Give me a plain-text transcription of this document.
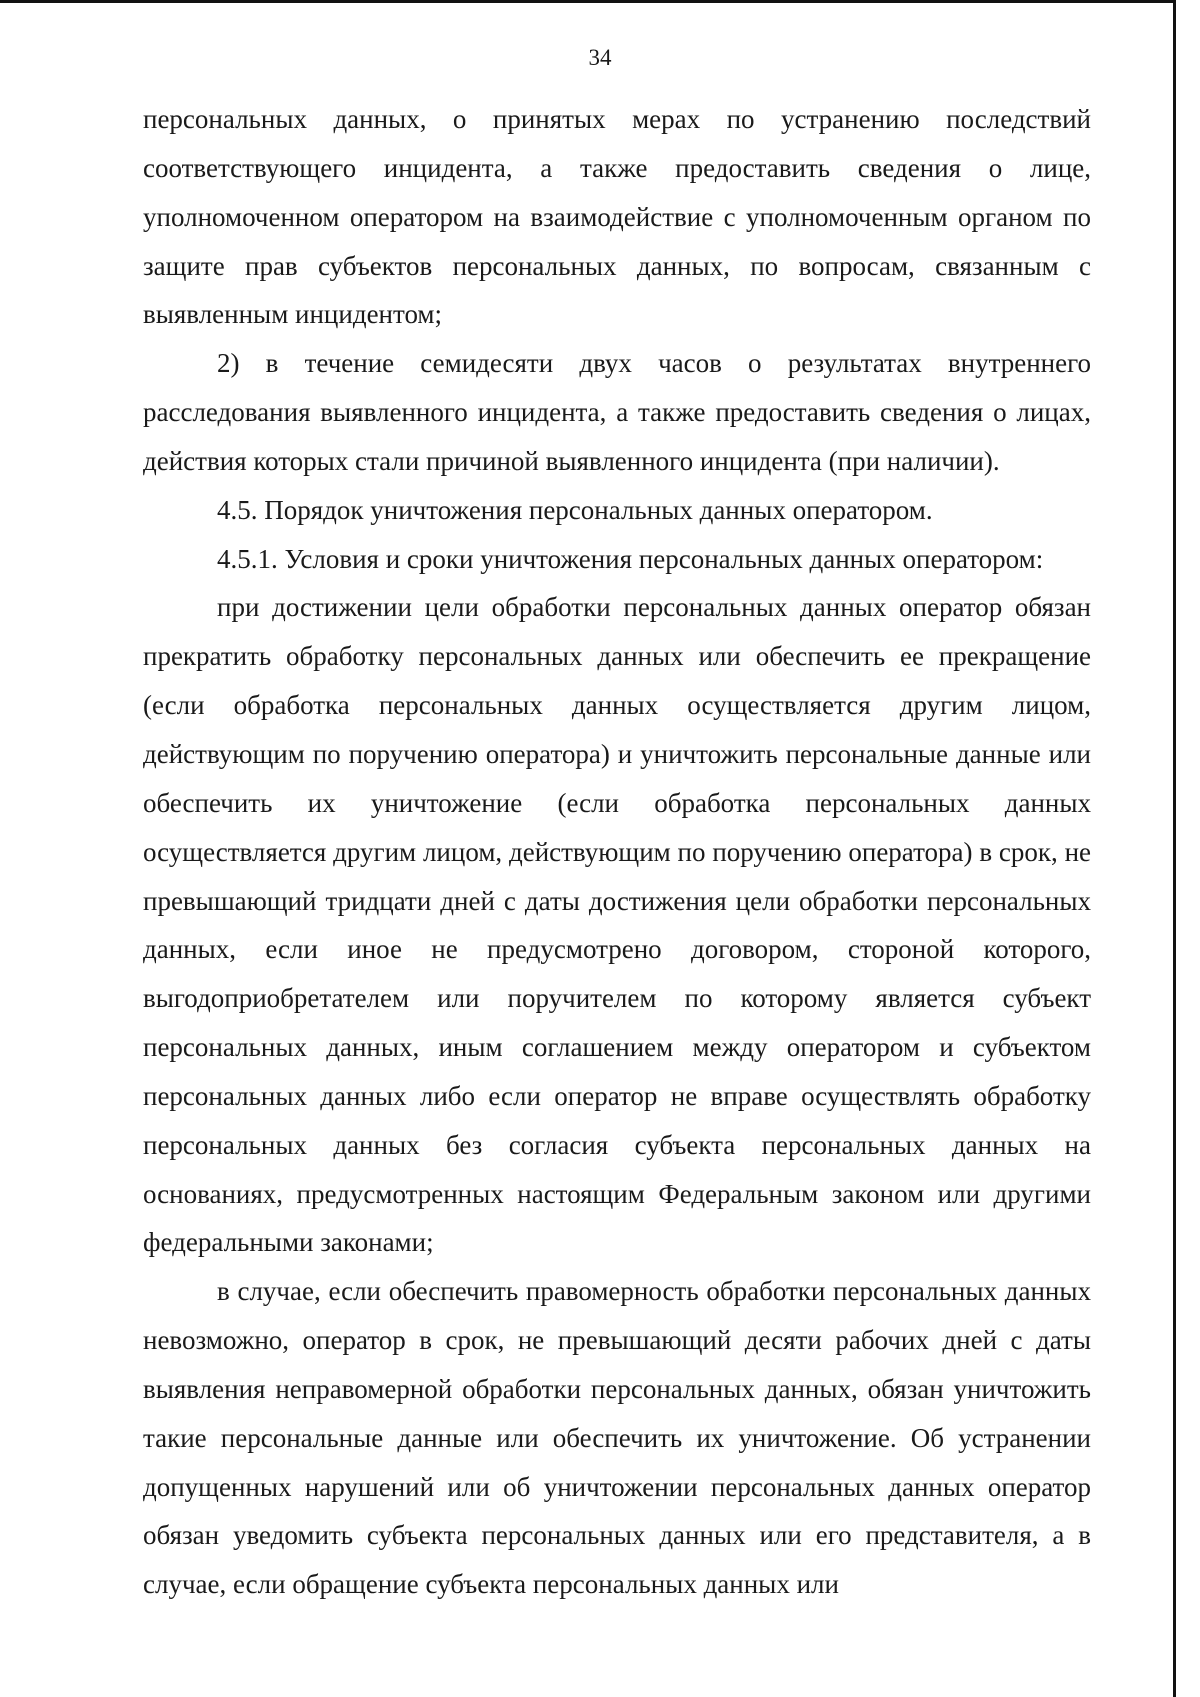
34

персональных данных, о принятых мерах по устранению последствий соответствующего инцидента, а также предоставить сведения о лице, уполномоченном оператором на взаимодействие с уполномоченным органом по защите прав субъектов персональных данных, по вопросам, связанным с выявленным инцидентом;

2) в течение семидесяти двух часов о результатах внутреннего расследования выявленного инцидента, а также предоставить сведения о лицах, действия которых стали причиной выявленного инцидента (при наличии).

4.5. Порядок уничтожения персональных данных оператором.

4.5.1. Условия и сроки уничтожения персональных данных оператором:

при достижении цели обработки персональных данных оператор обязан прекратить обработку персональных данных или обеспечить ее прекращение (если обработка персональных данных осуществляется другим лицом, действующим по поручению оператора) и уничтожить персональные данные или обеспечить их уничтожение (если обработка персональных данных осуществляется другим лицом, действующим по поручению оператора) в срок, не превышающий тридцати дней с даты достижения цели обработки персональных данных, если иное не предусмотрено договором, стороной которого, выгодоприобретателем или поручителем по которому является субъект персональных данных, иным соглашением между оператором и субъектом персональных данных либо если оператор не вправе осуществлять обработку персональных данных без согласия субъекта персональных данных на основаниях, предусмотренных настоящим Федеральным законом или другими федеральными законами;

в случае, если обеспечить правомерность обработки персональных данных невозможно, оператор в срок, не превышающий десяти рабочих дней с даты выявления неправомерной обработки персональных данных, обязан уничтожить такие персональные данные или обеспечить их уничтожение. Об устранении допущенных нарушений или об уничтожении персональных данных оператор обязан уведомить субъекта персональных данных или его представителя, а в случае, если обращение субъекта персональных данных или
